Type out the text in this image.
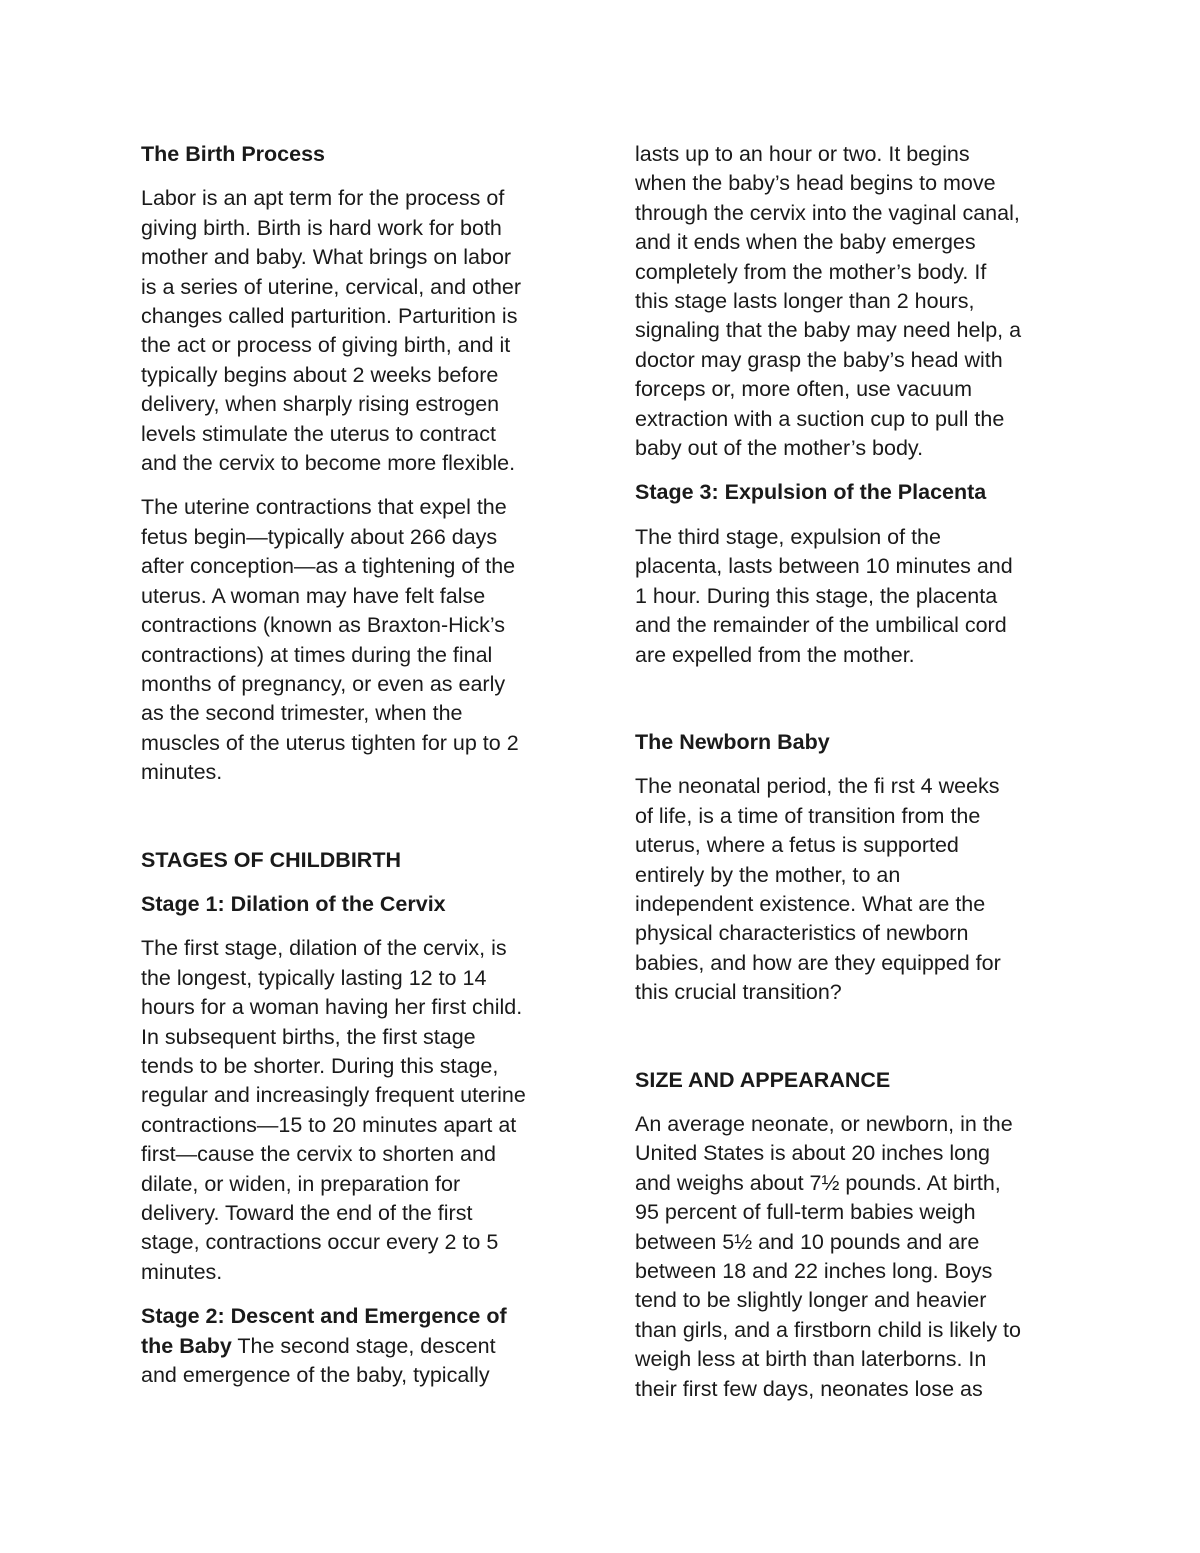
The Birth Process

Labor is an apt term for the process of
giving birth. Birth is hard work for both
mother and baby. What brings on labor
is a series of uterine, cervical, and other
changes called parturition. Parturition is
the act or process of giving birth, and it
typically begins about 2 weeks before
delivery, when sharply rising estrogen
levels stimulate the uterus to contract
and the cervix to become more flexible.

The uterine contractions that expel the
fetus begin—typically about 266 days
after conception—as a tightening of the
uterus. A woman may have felt false
contractions (known as Braxton-Hick’s
contractions) at times during the final
months of pregnancy, or even as early
as the second trimester, when the
muscles of the uterus tighten for up to 2
minutes.

STAGES OF CHILDBIRTH
Stage 1: Dilation of the Cervix

The first stage, dilation of the cervix, is
the longest, typically lasting 12 to 14
hours for a woman having her first child.
In subsequent births, the first stage
tends to be shorter. During this stage,
regular and increasingly frequent uterine
contractions—15 to 20 minutes apart at
first—cause the cervix to shorten and
dilate, or widen, in preparation for
delivery. Toward the end of the first
stage, contractions occur every 2 to 5
minutes.

Stage 2: Descent and Emergence of
the Baby The second stage, descent
and emergence of the baby, typically

lasts up to an hour or two. It begins
when the baby’s head begins to move
through the cervix into the vaginal canal,
and it ends when the baby emerges
completely from the mother’s body. If
this stage lasts longer than 2 hours,
signaling that the baby may need help, a
doctor may grasp the baby’s head with
forceps or, more often, use vacuum
extraction with a suction cup to pull the
baby out of the mother’s body.

Stage 3: Expulsion of the Placenta

The third stage, expulsion of the
placenta, lasts between 10 minutes and
1 hour. During this stage, the placenta
and the remainder of the umbilical cord
are expelled from the mother.

The Newborn Baby

The neonatal period, the fi rst 4 weeks
of life, is a time of transition from the
uterus, where a fetus is supported
entirely by the mother, to an
independent existence. What are the
physical characteristics of newborn
babies, and how are they equipped for
this crucial transition?

SIZE AND APPEARANCE

An average neonate, or newborn, in the
United States is about 20 inches long
and weighs about 7½ pounds. At birth,
95 percent of full-term babies weigh
between 5½ and 10 pounds and are
between 18 and 22 inches long. Boys
tend to be slightly longer and heavier
than girls, and a firstborn child is likely to
weigh less at birth than laterborns. In
their first few days, neonates lose as
